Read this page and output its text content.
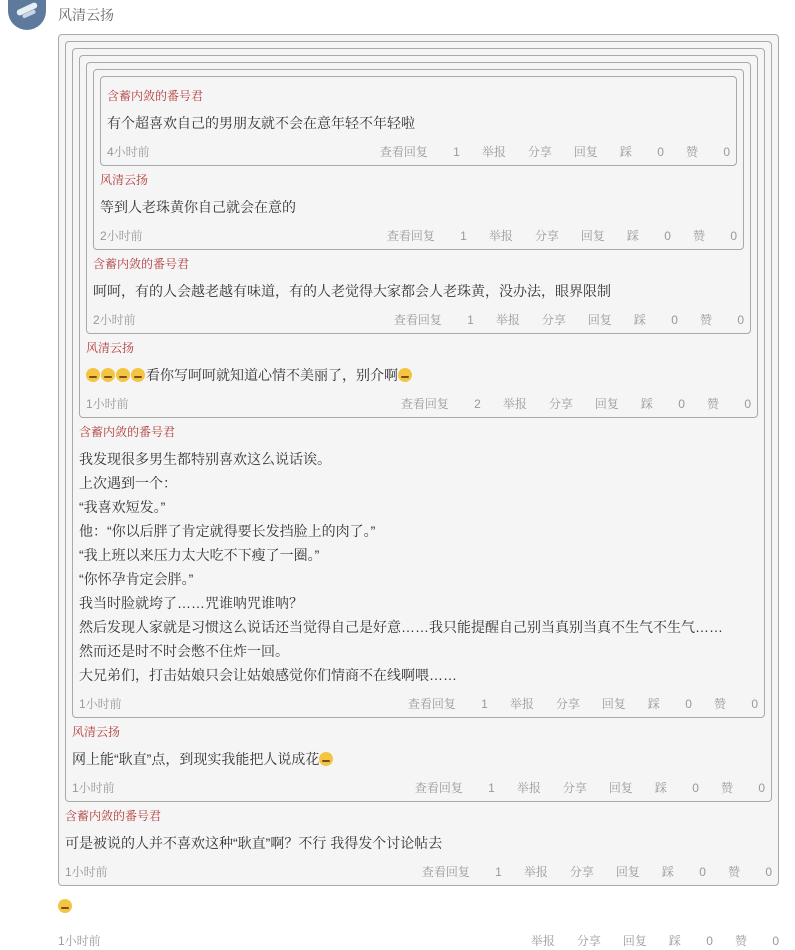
风清云扬
含蓄内敛的番号君
有个超喜欢自己的男朋友就不会在意年轻不年轻啦
4小时前	查看回复 1 举报 分享 回复 踩 0 赞 0
风清云扬
等到人老珠黄你自己就会在意的
2小时前	查看回复 1 举报 分享 回复 踩 0 赞 0
含蓄内敛的番号君
呵呵，有的人会越老越有味道，有的人老觉得大家都会人老珠黄，没办法，眼界限制
2小时前	查看回复 1 举报 分享 回复 踩 0 赞 0
风清云扬
看你写呵呵就知道心情不美丽了，别介啊
1小时前	查看回复 2 举报 分享 回复 踩 0 赞 0
含蓄内敛的番号君
我发现很多男生都特别喜欢这么说话诶。
上次遇到一个：
“我喜欢短发。”
他：“你以后胖了肯定就得要长发挡脸上的肉了。”
“我上班以来压力太大吃不下瘦了一圈。”
“你怀孕肯定会胖。”
我当时脸就垮了……咒谁呐咒谁呐？
然后发现人家就是习惯这么说话还当觉得自己是好意……我只能提醒自己别当真别当真不生气不生气……
然而还是时不时会憋不住炸一回。
大兄弟们，打击姑娘只会让姑娘感觉你们情商不在线啊喂……
1小时前	查看回复 1 举报 分享 回复 踩 0 赞 0
风清云扬
网上能“耿直”点，到现实我能把人说成花
1小时前	查看回复 1 举报 分享 回复 踩 0 赞 0
含蓄内敛的番号君
可是被说的人并不喜欢这种“耿直”啊？不行 我得发个讨论帖去
1小时前	查看回复 1 举报 分享 回复 踩 0 赞 0
1小时前	举报 分享 回复 踩 0 赞 0
